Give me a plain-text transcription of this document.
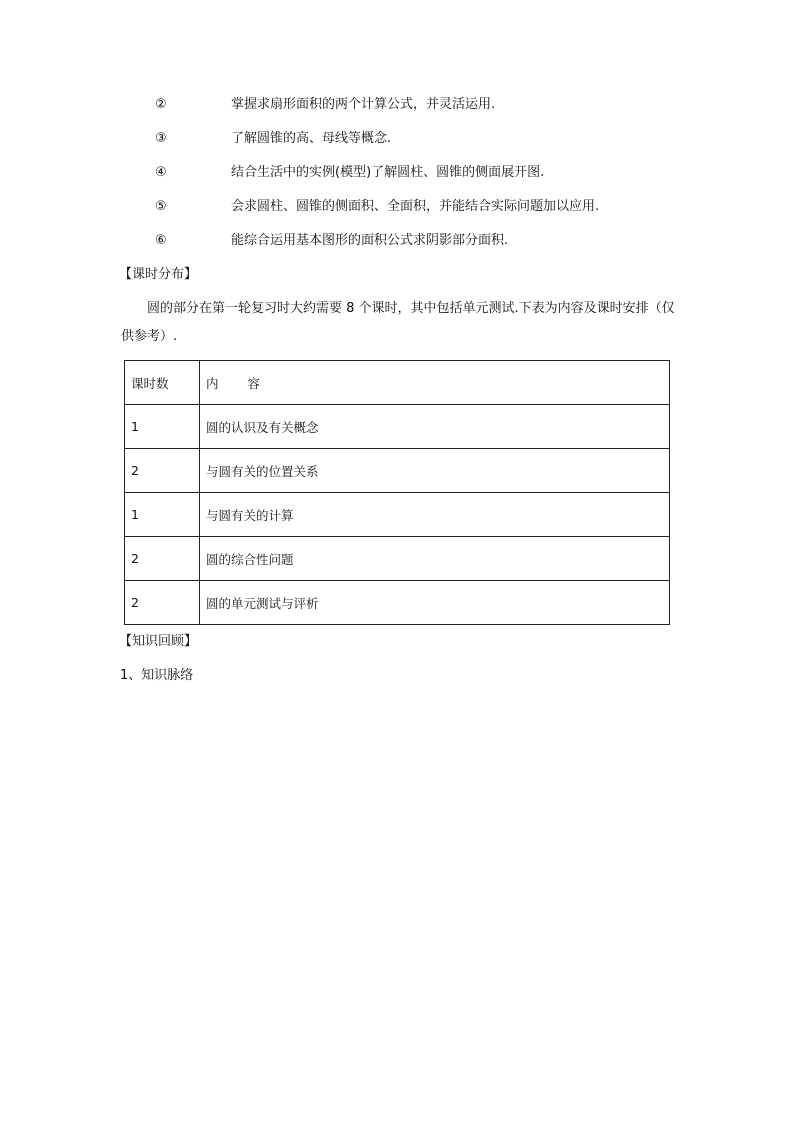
②	掌握求扇形面积的两个计算公式，并灵活运用.
③	了解圆锥的高、母线等概念.
④	结合生活中的实例(模型)了解圆柱、圆锥的侧面展开图.
⑤	会求圆柱、圆锥的侧面积、全面积，并能结合实际问题加以应用.
⑥	能综合运用基本图形的面积公式求阴影部分面积.
【课时分布】

圆的部分在第一轮复习时大约需要 8 个课时，其中包括单元测试.下表为内容及课时安排（仅供参考）.

课时数	内　　 容
1	圆的认识及有关概念
2	与圆有关的位置关系
1	与圆有关的计算
2	圆的综合性问题
2	圆的单元测试与评析
【知识回顾】
1、知识脉络
